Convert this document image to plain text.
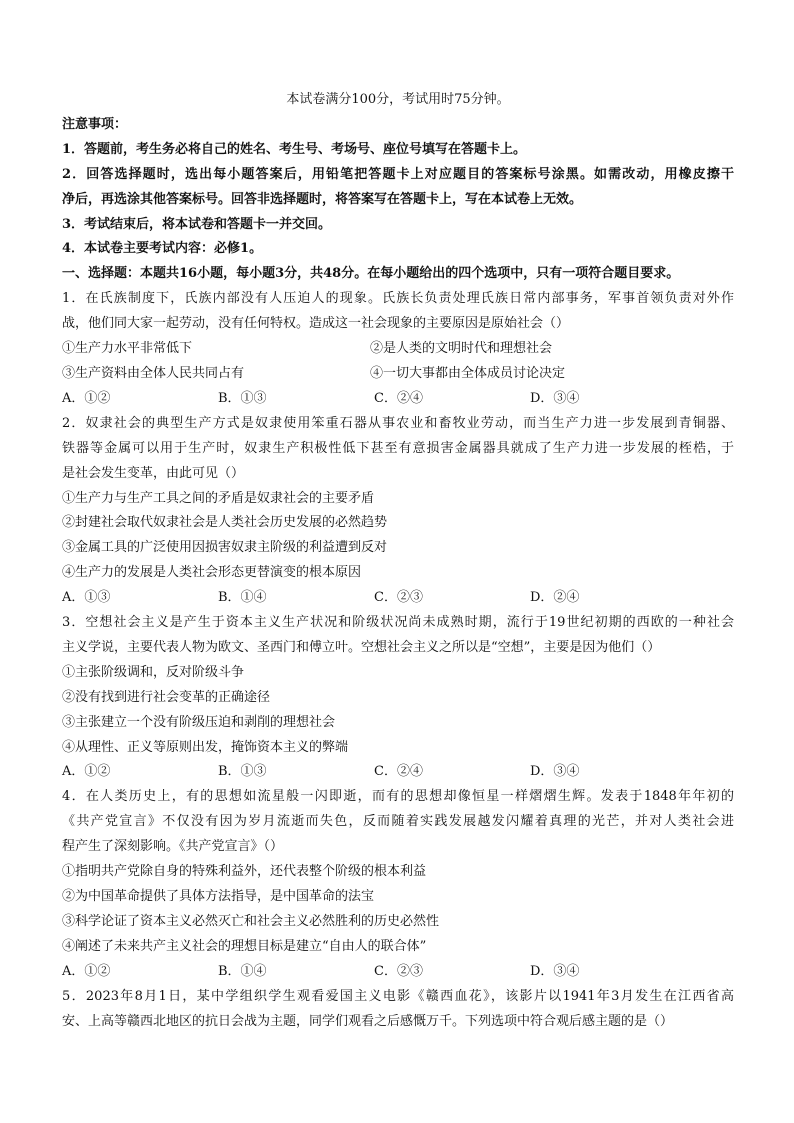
本试卷满分100分，考试用时75分钟。
注意事项：
1．答题前，考生务必将自己的姓名、考生号、考场号、座位号填写在答题卡上。
2．回答选择题时，选出每小题答案后，用铅笔把答题卡上对应题目的答案标号涂黑。如需改动，用橡皮擦干
净后，再选涂其他答案标号。回答非选择题时，将答案写在答题卡上，写在本试卷上无效。
3．考试结束后，将本试卷和答题卡一并交回。
4．本试卷主要考试内容：必修1。
一、选择题：本题共16小题，每小题3分，共48分。在每小题给出的四个选项中，只有一项符合题目要求。
1．在氏族制度下，氏族内部没有人压迫人的现象。氏族长负责处理氏族日常内部事务，军事首领负责对外作
战，他们同大家一起劳动，没有任何特权。造成这一社会现象的主要原因是原始社会（）
①生产力水平非常低下	②是人类的文明时代和理想社会
③生产资料由全体人民共同占有	④一切大事都由全体成员讨论决定
A．①②	B．①③	C．②④	D．③④
2．奴隶社会的典型生产方式是奴隶使用笨重石器从事农业和畜牧业劳动，而当生产力进一步发展到青铜器、
铁器等金属可以用于生产时，奴隶生产积极性低下甚至有意损害金属器具就成了生产力进一步发展的桎梏，于
是社会发生变革，由此可见（）
①生产力与生产工具之间的矛盾是奴隶社会的主要矛盾
②封建社会取代奴隶社会是人类社会历史发展的必然趋势
③金属工具的广泛使用因损害奴隶主阶级的利益遭到反对
④生产力的发展是人类社会形态更替演变的根本原因
A．①③	B．①④	C．②③	D．②④
3．空想社会主义是产生于资本主义生产状况和阶级状况尚未成熟时期，流行于19世纪初期的西欧的一种社会
主义学说，主要代表人物为欧文、圣西门和傅立叶。空想社会主义之所以是“空想”，主要是因为他们（）
①主张阶级调和，反对阶级斗争
②没有找到进行社会变革的正确途径
③主张建立一个没有阶级压迫和剥削的理想社会
④从理性、正义等原则出发，掩饰资本主义的弊端
A．①②	B．①③	C．②④	D．③④
4．在人类历史上，有的思想如流星般一闪即逝，而有的思想却像恒星一样熠熠生辉。发表于1848年年初的
《共产党宣言》不仅没有因为岁月流逝而失色，反而随着实践发展越发闪耀着真理的光芒，并对人类社会进
程产生了深刻影响。《共产党宣言》（）
①指明共产党除自身的特殊利益外，还代表整个阶级的根本利益
②为中国革命提供了具体方法指导，是中国革命的法宝
③科学论证了资本主义必然灭亡和社会主义必然胜利的历史必然性
④阐述了未来共产主义社会的理想目标是建立“自由人的联合体”
A．①②	B．①④	C．②③	D．③④
5．2023年8月1日，某中学组织学生观看爱国主义电影《赣西血花》，该影片以1941年3月发生在江西省高
安、上高等赣西北地区的抗日会战为主题，同学们观看之后感慨万千。下列选项中符合观后感主题的是（）
